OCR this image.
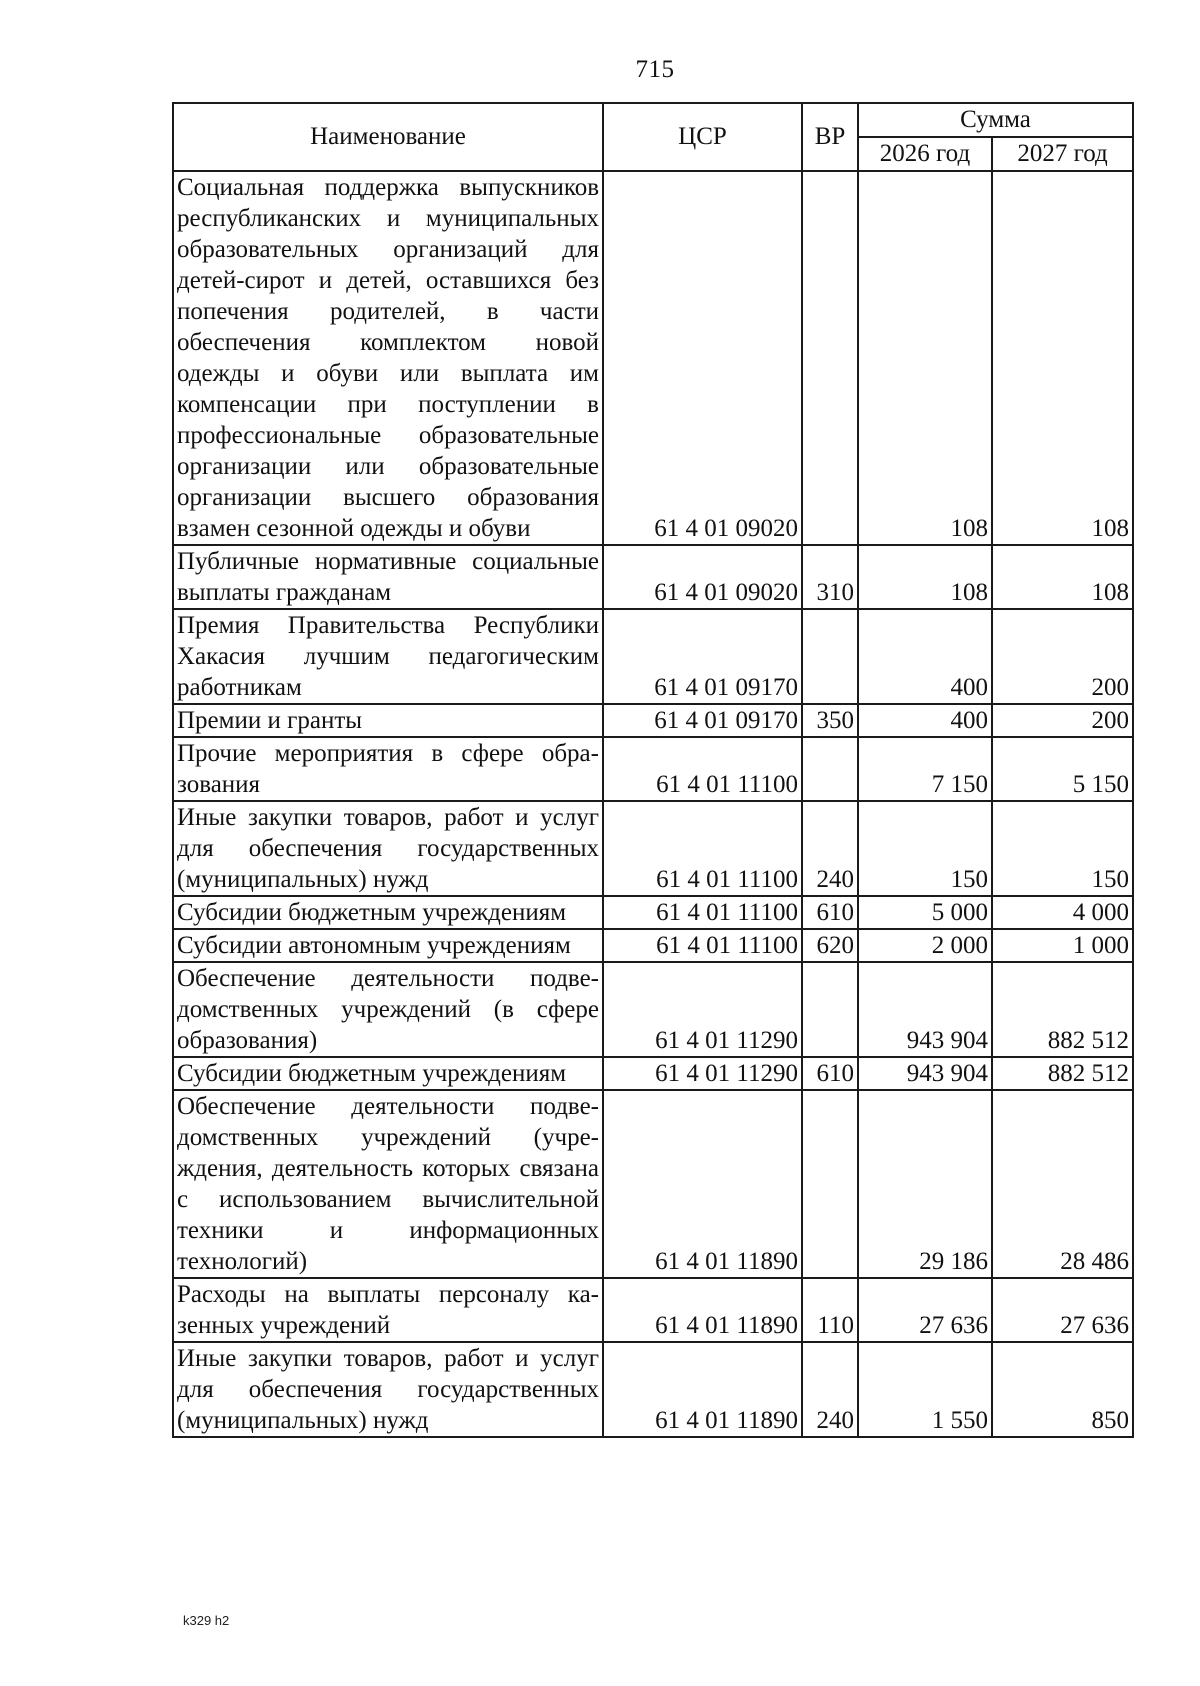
715
Наименование	ЦСР	ВР	Сумма	
			2026 год	2027 год
Социальная поддержка выпускников республиканских и муниципальных образовательных организаций для детей-сирот и детей, оставшихся без попечения родителей, в части обеспечения комплектом новой одежды и обуви или выплата им компенсации при поступлении в профессиональные образовательные организации или образовательные организации высшего образования взамен сезонной одежды и обуви	61 4 01 09020		108	108
Публичные нормативные социальные выплаты гражданам	61 4 01 09020	310	108	108
Премия Правительства Республики Хакасия лучшим педагогическим работникам	61 4 01 09170		400	200
Премии и гранты	61 4 01 09170	350	400	200
Прочие мероприятия в сфере образования	61 4 01 11100		7 150	5 150
Иные закупки товаров, работ и услуг для обеспечения государственных (муниципальных) нужд	61 4 01 11100	240	150	150
Субсидии бюджетным учреждениям	61 4 01 11100	610	5 000	4 000
Субсидии автономным учреждениям	61 4 01 11100	620	2 000	1 000
Обеспечение деятельности подведомственных учреждений (в сфере образования)	61 4 01 11290		943 904	882 512
Субсидии бюджетным учреждениям	61 4 01 11290	610	943 904	882 512
Обеспечение деятельности подведомственных учреждений (учреждения, деятельность которых связана с использованием вычислительной техники и информационных технологий)	61 4 01 11890		29 186	28 486
Расходы на выплаты персоналу казенных учреждений	61 4 01 11890	110	27 636	27 636
Иные закупки товаров, работ и услуг для обеспечения государственных (муниципальных) нужд	61 4 01 11890	240	1 550	850
k329 h2
